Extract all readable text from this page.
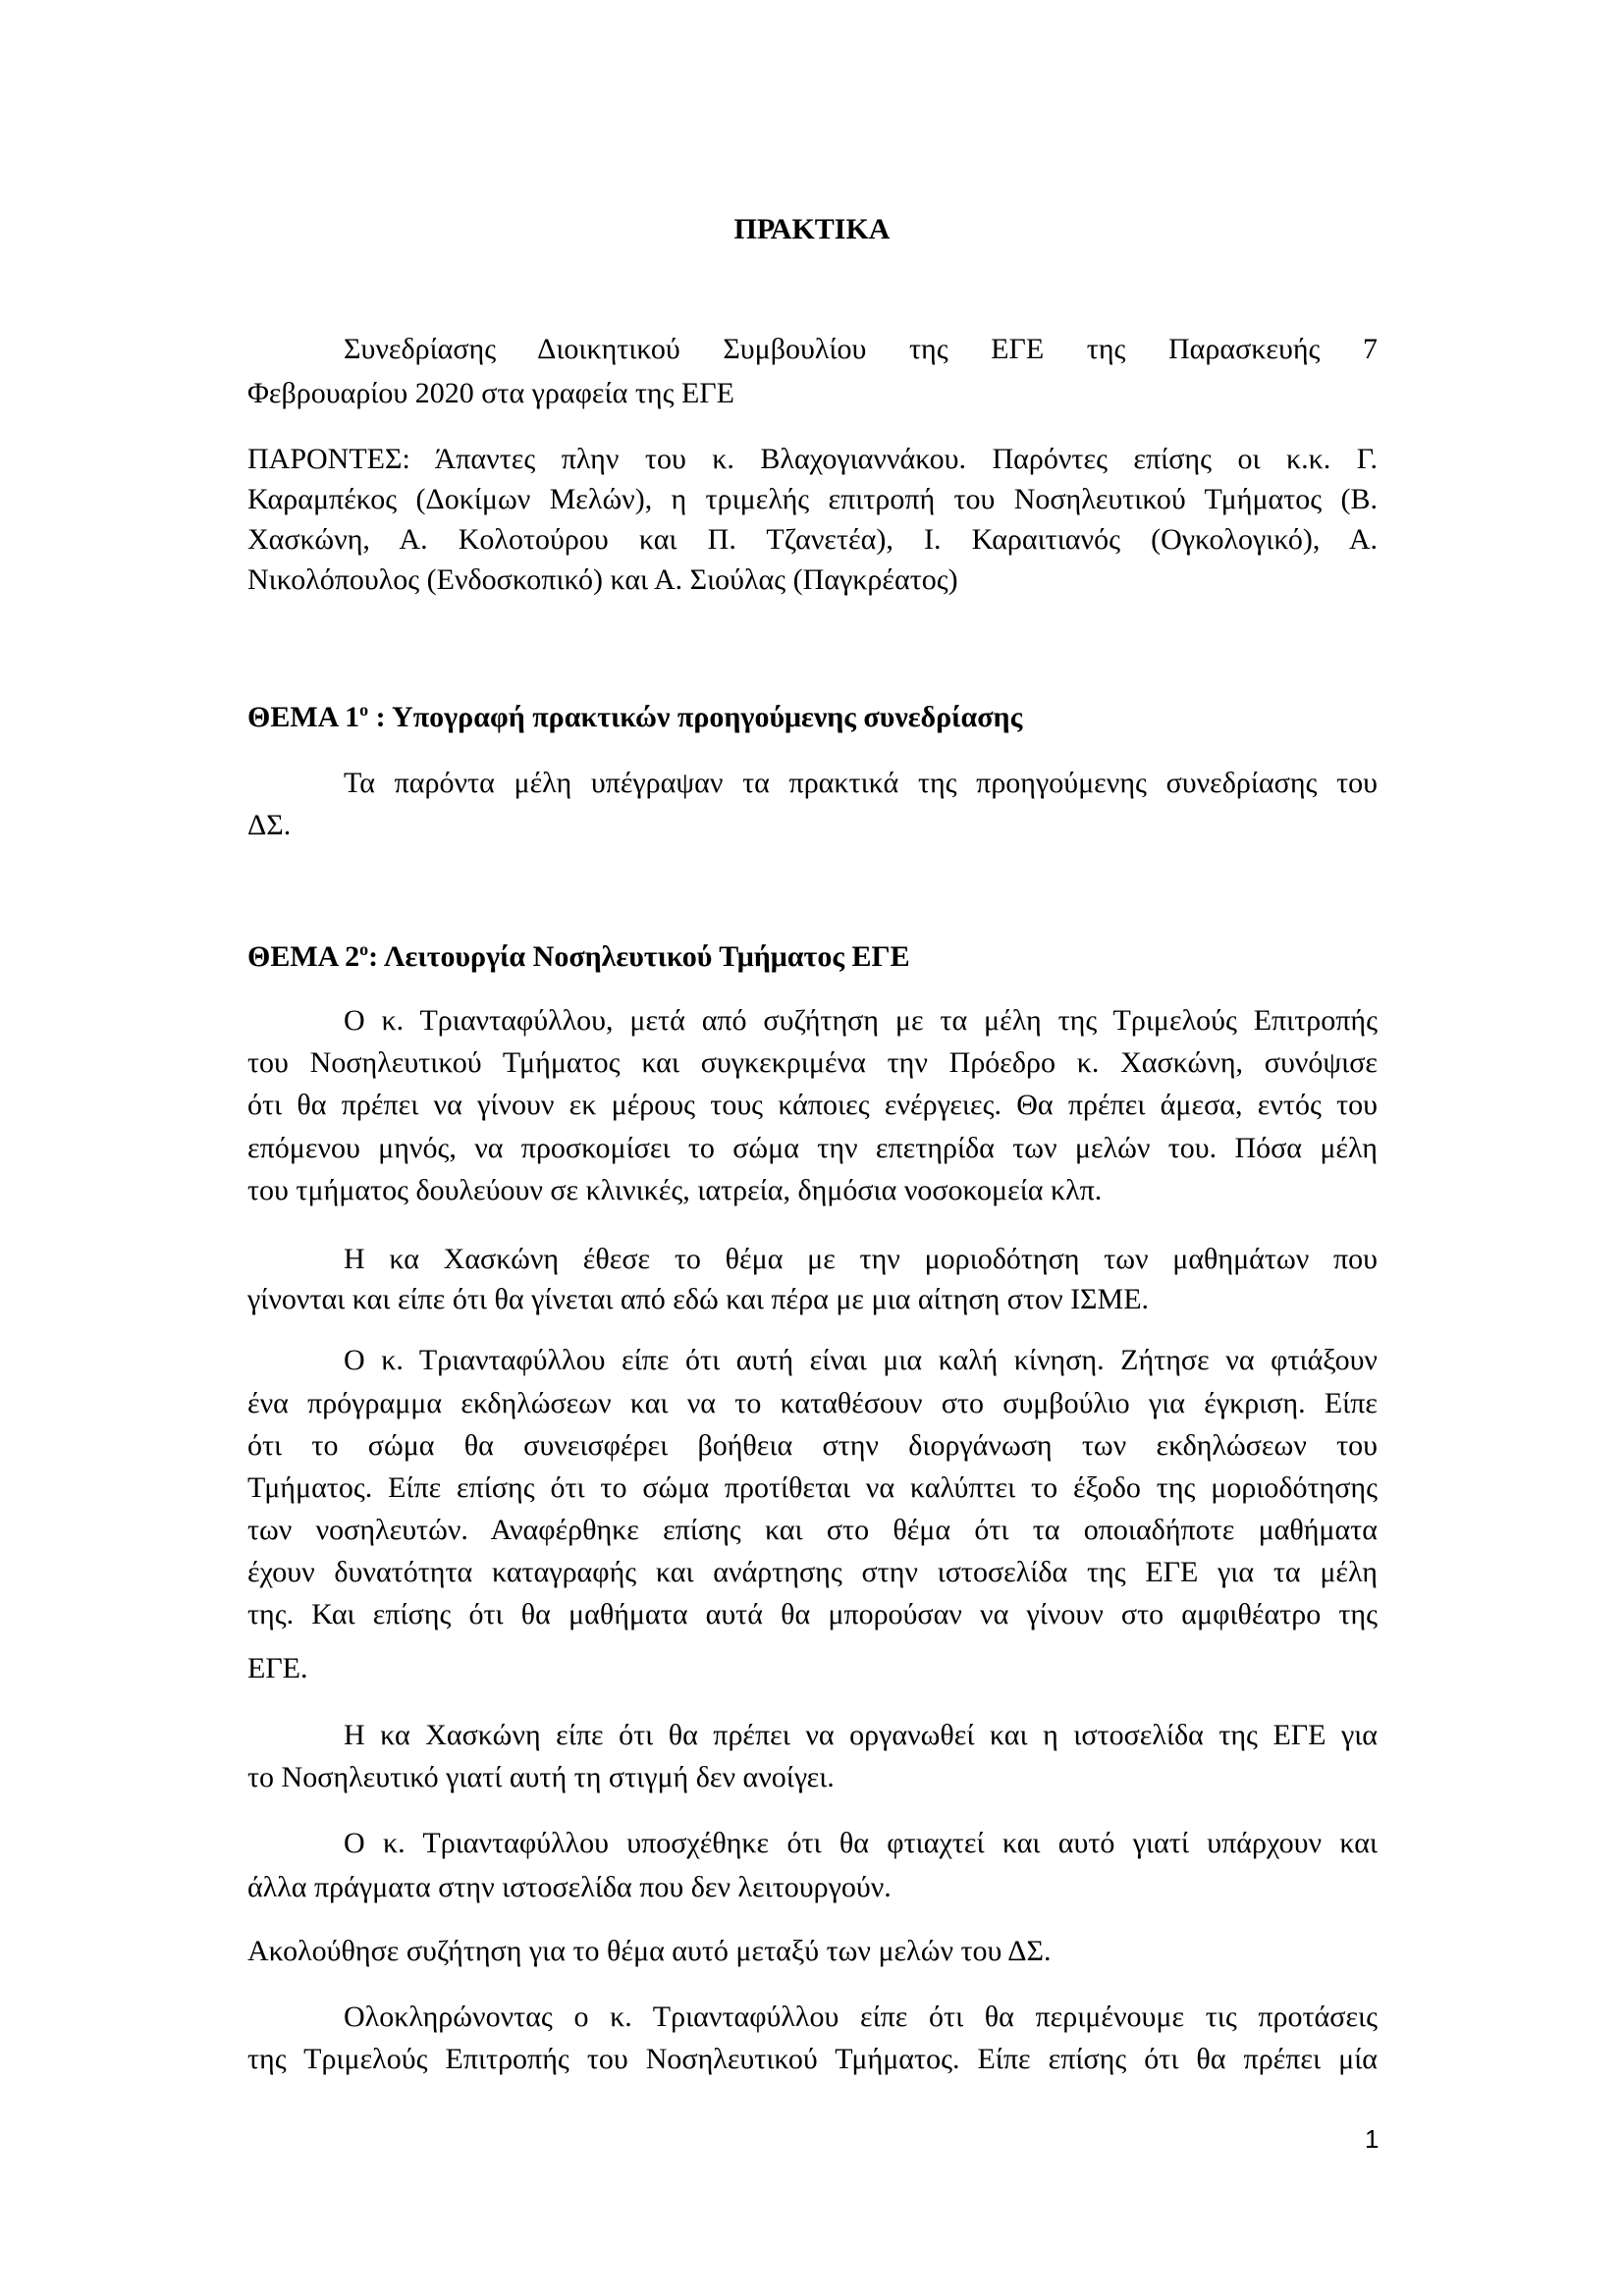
ΠΡΑΚΤΙΚΑ
Συνεδρίασης Διοικητικού Συμβουλίου της ΕΓΕ της Παρασκευής 7
Φεβρουαρίου 2020 στα γραφεία της ΕΓΕ
ΠΑΡΟΝΤΕΣ: Άπαντες πλην του κ. Βλαχογιαννάκου. Παρόντες επίσης οι κ.κ. Γ.
Καραμπέκος (Δοκίμων Μελών), η τριμελής επιτροπή του Νοσηλευτικού Τμήματος (Β.
Χασκώνη, Α. Κολοτούρου και Π. Τζανετέα), Ι. Καραιτιανός (Ογκολογικό), Α.
Νικολόπουλος (Ενδοσκοπικό) και Α. Σιούλας (Παγκρέατος)
ΘΕΜΑ $1^o$ : Υπογραφή πρακτικών προηγούμενης συνεδρίασης
Τα παρόντα μέλη υπέγραψαν τα πρακτικά της προηγούμενης συνεδρίασης του
ΔΣ.
ΘΕΜΑ $2^o$: Λειτουργία Νοσηλευτικού Τμήματος ΕΓΕ
Ο κ. Τριανταφύλλου, μετά από συζήτηση με τα μέλη της Τριμελούς Επιτροπής
του Νοσηλευτικού Τμήματος και συγκεκριμένα την Πρόεδρο κ. Χασκώνη, συνόψισε
ότι θα πρέπει να γίνουν εκ μέρους τους κάποιες ενέργειες. Θα πρέπει άμεσα, εντός του
επόμενου μηνός, να προσκομίσει το σώμα την επετηρίδα των μελών του. Πόσα μέλη
του τμήματος δουλεύουν σε κλινικές, ιατρεία, δημόσια νοσοκομεία κλπ.
Η κα Χασκώνη έθεσε το θέμα με την μοριοδότηση των μαθημάτων που
γίνονται και είπε ότι θα γίνεται από εδώ και πέρα με μια αίτηση στον ΙΣΜΕ.
Ο κ. Τριανταφύλλου είπε ότι αυτή είναι μια καλή κίνηση. Ζήτησε να φτιάξουν
ένα πρόγραμμα εκδηλώσεων και να το καταθέσουν στο συμβούλιο για έγκριση. Είπε
ότι το σώμα θα συνεισφέρει βοήθεια στην διοργάνωση των εκδηλώσεων του
Τμήματος. Είπε επίσης ότι το σώμα προτίθεται να καλύπτει το έξοδο της μοριοδότησης
των νοσηλευτών. Αναφέρθηκε επίσης και στο θέμα ότι τα οποιαδήποτε μαθήματα
έχουν δυνατότητα καταγραφής και ανάρτησης στην ιστοσελίδα της ΕΓΕ για τα μέλη
της. Και επίσης ότι θα μαθήματα αυτά θα μπορούσαν να γίνουν στο αμφιθέατρο της
ΕΓΕ.
Η κα Χασκώνη είπε ότι θα πρέπει να οργανωθεί και η ιστοσελίδα της ΕΓΕ για
το Νοσηλευτικό γιατί αυτή τη στιγμή δεν ανοίγει.
Ο κ. Τριανταφύλλου υποσχέθηκε ότι θα φτιαχτεί και αυτό γιατί υπάρχουν και
άλλα πράγματα στην ιστοσελίδα που δεν λειτουργούν.
Ακολούθησε συζήτηση για το θέμα αυτό μεταξύ των μελών του ΔΣ.
Ολοκληρώνοντας ο κ. Τριανταφύλλου είπε ότι θα περιμένουμε τις προτάσεις
της Τριμελούς Επιτροπής του Νοσηλευτικού Τμήματος. Είπε επίσης ότι θα πρέπει μία
1
